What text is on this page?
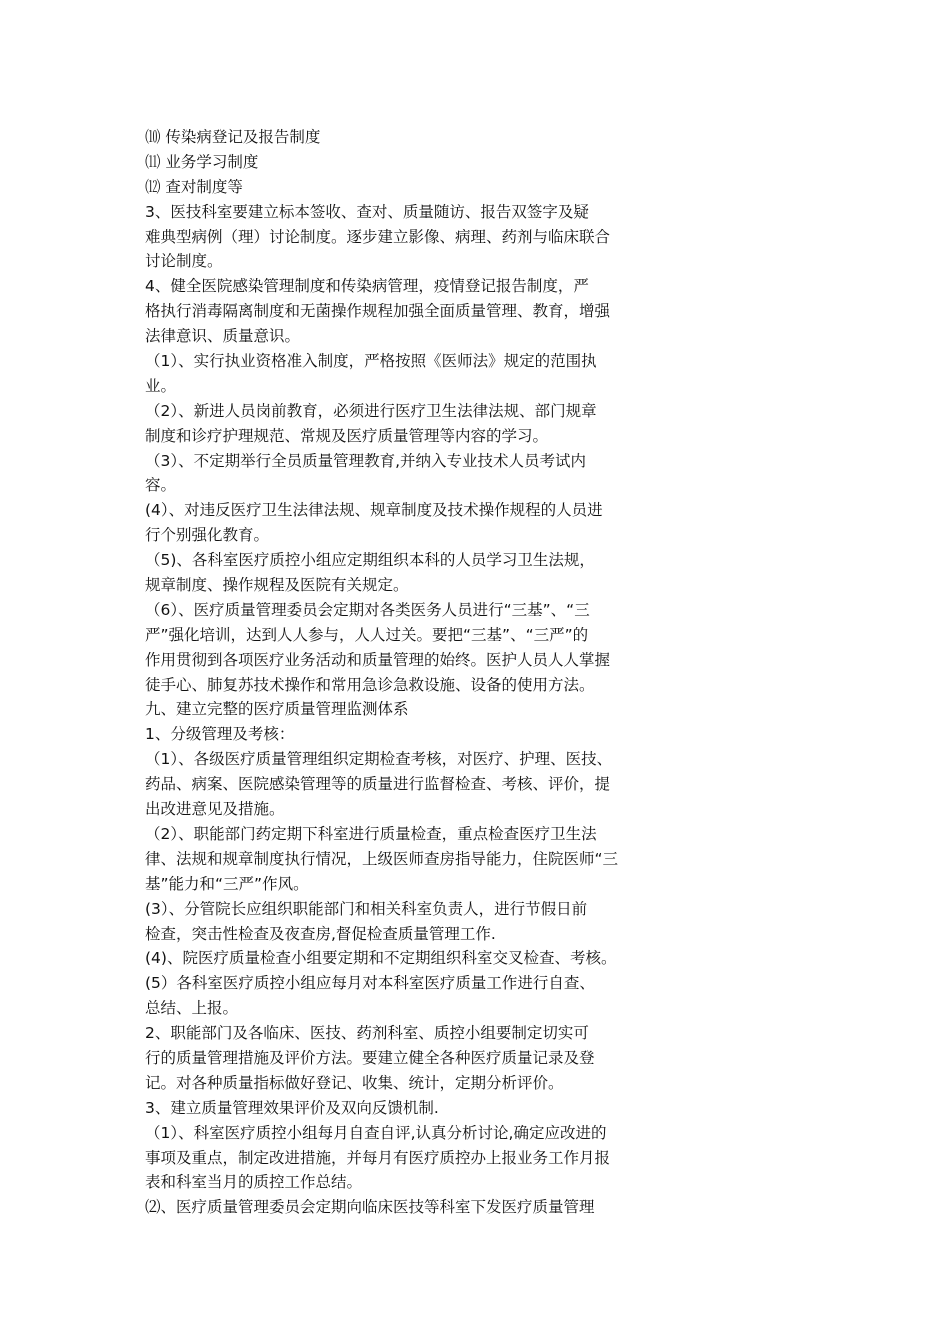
⑽ 传染病登记及报告制度
⑾ 业务学习制度
⑿ 查对制度等
3、医技科室要建立标本签收、查对、质量随访、报告双签字及疑
难典型病例（理）讨论制度。逐步建立影像、病理、药剂与临床联合
讨论制度。
4、健全医院感染管理制度和传染病管理，疫情登记报告制度，严
格执行消毒隔离制度和无菌操作规程加强全面质量管理、教育，增强
法律意识、质量意识。
（1）、实行执业资格准入制度，严格按照《医师法》规定的范围执
业。
（2）、新进人员岗前教育，必须进行医疗卫生法律法规、部门规章
制度和诊疗护理规范、常规及医疗质量管理等内容的学习。
（3）、不定期举行全员质量管理教育,并纳入专业技术人员考试内
容。
(4）、对违反医疗卫生法律法规、规章制度及技术操作规程的人员进
行个别强化教育。
（5)、各科室医疗质控小组应定期组织本科的人员学习卫生法规，
规章制度、操作规程及医院有关规定。
（6）、医疗质量管理委员会定期对各类医务人员进行“三基”、“三
严”强化培训，达到人人参与，人人过关。要把“三基”、“三严”的
作用贯彻到各项医疗业务活动和质量管理的始终。医护人员人人掌握
徒手心、肺复苏技术操作和常用急诊急救设施、设备的使用方法。
九、建立完整的医疗质量管理监测体系
1、分级管理及考核：
（1）、各级医疗质量管理组织定期检查考核，对医疗、护理、医技、
药品、病案、医院感染管理等的质量进行监督检查、考核、评价，提
出改进意见及措施。
（2）、职能部门药定期下科室进行质量检查，重点检查医疗卫生法
律、法规和规章制度执行情况，上级医师查房指导能力，住院医师“三
基”能力和“三严”作风。
(3）、分管院长应组织职能部门和相关科室负责人，进行节假日前
检查，突击性检查及夜查房,督促检查质量管理工作.
(4)、院医疗质量检查小组要定期和不定期组织科室交叉检查、考核。
(5）各科室医疗质控小组应每月对本科室医疗质量工作进行自查、
总结、上报。
2、职能部门及各临床、医技、药剂科室、质控小组要制定切实可
行的质量管理措施及评价方法。要建立健全各种医疗质量记录及登
记。对各种质量指标做好登记、收集、统计，定期分析评价。
3、建立质量管理效果评价及双向反馈机制.
（1）、科室医疗质控小组每月自查自评,认真分析讨论,确定应改进的
事项及重点，制定改进措施，并每月有医疗质控办上报业务工作月报
表和科室当月的质控工作总结。
⑵、医疗质量管理委员会定期向临床医技等科室下发医疗质量管理
